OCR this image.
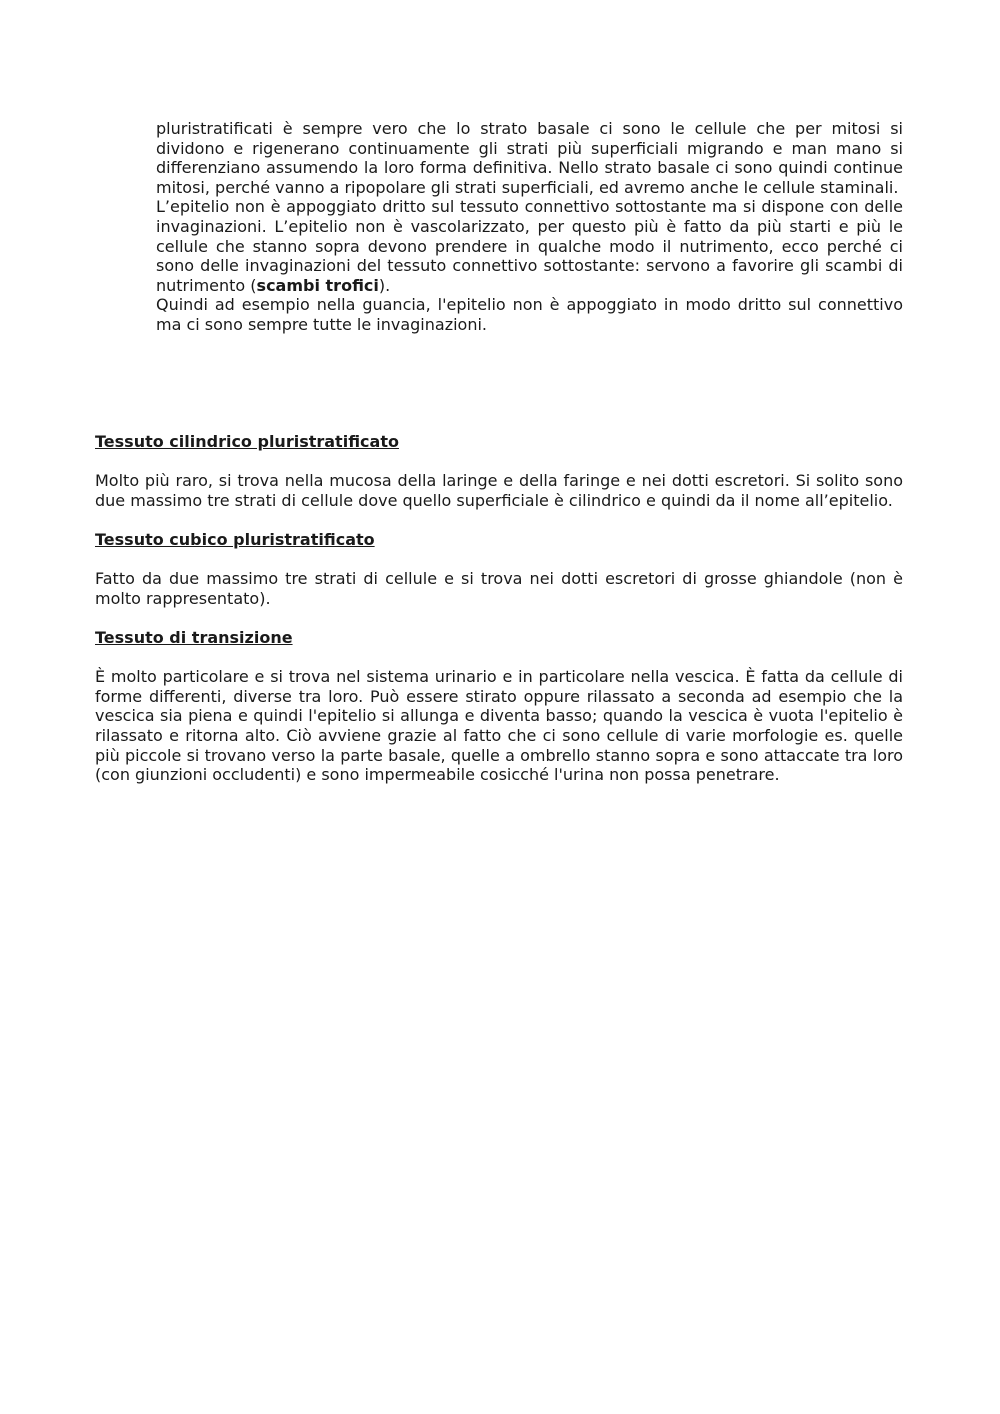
pluristratificati è sempre vero che lo strato basale ci sono le cellule che per mitosi si dividono e rigenerano continuamente gli strati più superficiali migrando e man mano si differenziano assumendo la loro forma definitiva. Nello strato basale ci sono quindi continue mitosi, perché vanno a ripopolare gli strati superficiali, ed avremo anche le cellule staminali.

L’epitelio non è appoggiato dritto sul tessuto connettivo sottostante ma si dispone con delle invaginazioni. L’epitelio non è vascolarizzato, per questo più è fatto da più starti e più le cellule che stanno sopra devono prendere in qualche modo il nutrimento, ecco perché ci sono delle invaginazioni del tessuto connettivo sottostante: servono a favorire gli scambi di nutrimento (scambi trofici).

Quindi ad esempio nella guancia, l'epitelio non è appoggiato in modo dritto sul connettivo ma ci sono sempre tutte le invaginazioni.

Tessuto cilindrico pluristratificato

Molto più raro, si trova nella mucosa della laringe e della faringe e nei dotti escretori. Si solito sono due massimo tre strati di cellule dove quello superficiale è cilindrico e quindi da il nome all’epitelio.

Tessuto cubico pluristratificato

Fatto da due massimo tre strati di cellule e si trova nei dotti escretori di grosse ghiandole (non è molto rappresentato).

Tessuto di transizione

È molto particolare e si trova nel sistema urinario e in particolare nella vescica. È fatta da cellule di forme differenti, diverse tra loro. Può essere stirato oppure rilassato a seconda ad esempio che la vescica sia piena e quindi l'epitelio si allunga e diventa basso; quando la vescica è vuota l'epitelio è rilassato e ritorna alto. Ciò avviene grazie al fatto che ci sono cellule di varie morfologie es. quelle più piccole si trovano verso la parte basale, quelle a ombrello stanno sopra e sono attaccate tra loro (con giunzioni occludenti) e sono impermeabile cosicché l'urina non possa penetrare.
